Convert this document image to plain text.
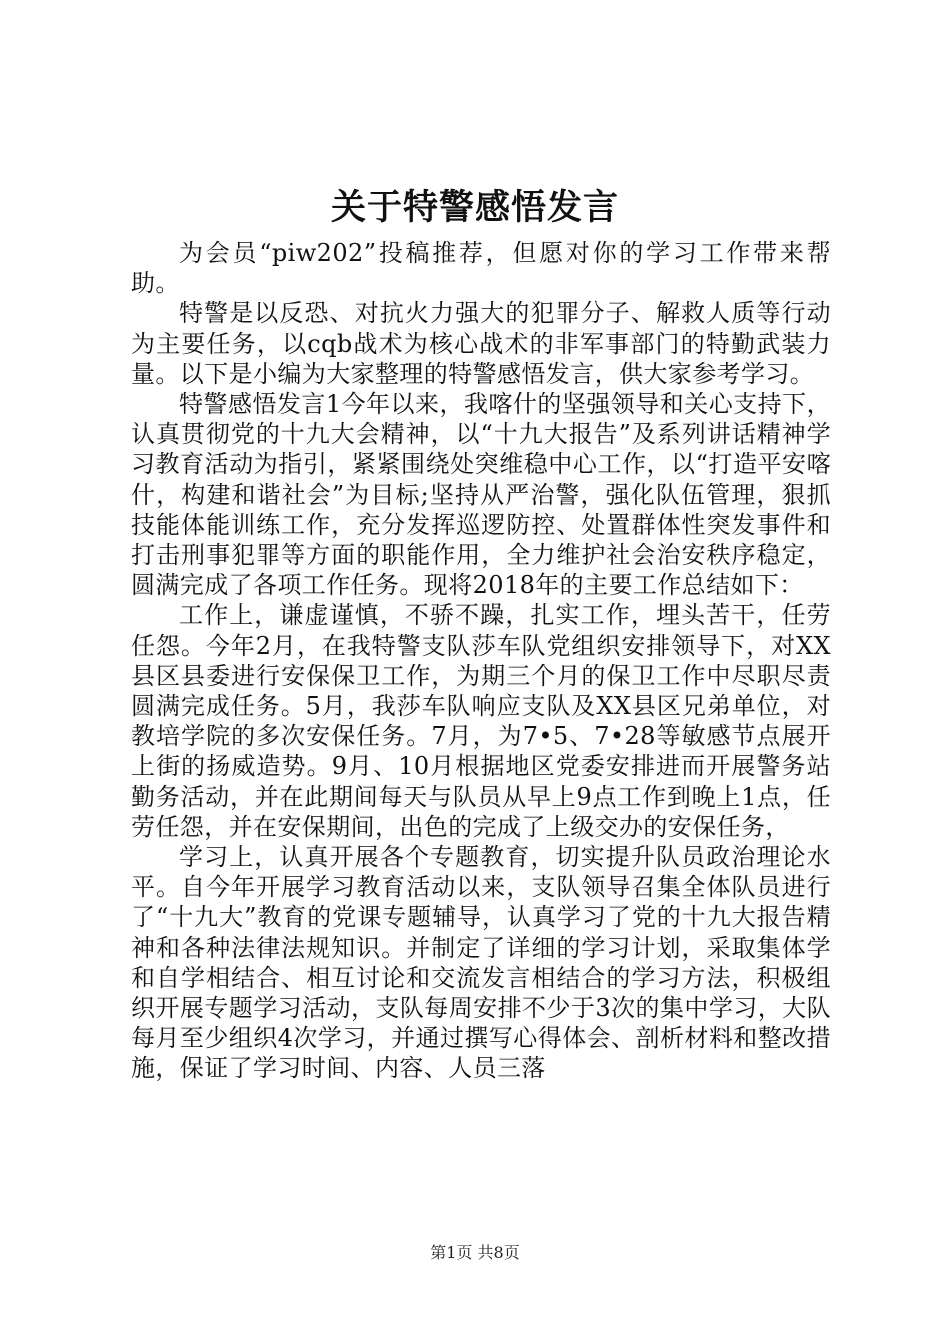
关于特警感悟发言

为会员“piw202”投稿推荐，但愿对你的学习工作带来帮助。

特警是以反恐、对抗火力强大的犯罪分子、解救人质等行动为主要任务，以cqb战术为核心战术的非军事部门的特勤武装力量。以下是小编为大家整理的特警感悟发言，供大家参考学习。

特警感悟发言1今年以来，我喀什的坚强领导和关心支持下，认真贯彻党的十九大会精神，以“十九大报告”及系列讲话精神学习教育活动为指引，紧紧围绕处突维稳中心工作，以“打造平安喀什，构建和谐社会”为目标;坚持从严治警，强化队伍管理，狠抓技能体能训练工作，充分发挥巡逻防控、处置群体性突发事件和打击刑事犯罪等方面的职能作用，全力维护社会治安秩序稳定，圆满完成了各项工作任务。现将2018年的主要工作总结如下：

工作上，谦虚谨慎，不骄不躁，扎实工作，埋头苦干，任劳任怨。今年2月，在我特警支队莎车队党组织安排领导下，对XX县区县委进行安保保卫工作，为期三个月的保卫工作中尽职尽责圆满完成任务。5月，我莎车队响应支队及XX县区兄弟单位，对教培学院的多次安保任务。7月，为7•5、7•28等敏感节点展开上街的扬威造势。9月、10月根据地区党委安排进而开展警务站勤务活动，并在此期间每天与队员从早上9点工作到晚上1点，任劳任怨，并在安保期间，出色的完成了上级交办的安保任务，

学习上，认真开展各个专题教育，切实提升队员政治理论水平。自今年开展学习教育活动以来，支队领导召集全体队员进行了“十九大”教育的党课专题辅导，认真学习了党的十九大报告精神和各种法律法规知识。并制定了详细的学习计划，采取集体学和自学相结合、相互讨论和交流发言相结合的学习方法，积极组织开展专题学习活动，支队每周安排不少于3次的集中学习，大队每月至少组织4次学习，并通过撰写心得体会、剖析材料和整改措施，保证了学习时间、内容、人员三落

第1页 共8页
